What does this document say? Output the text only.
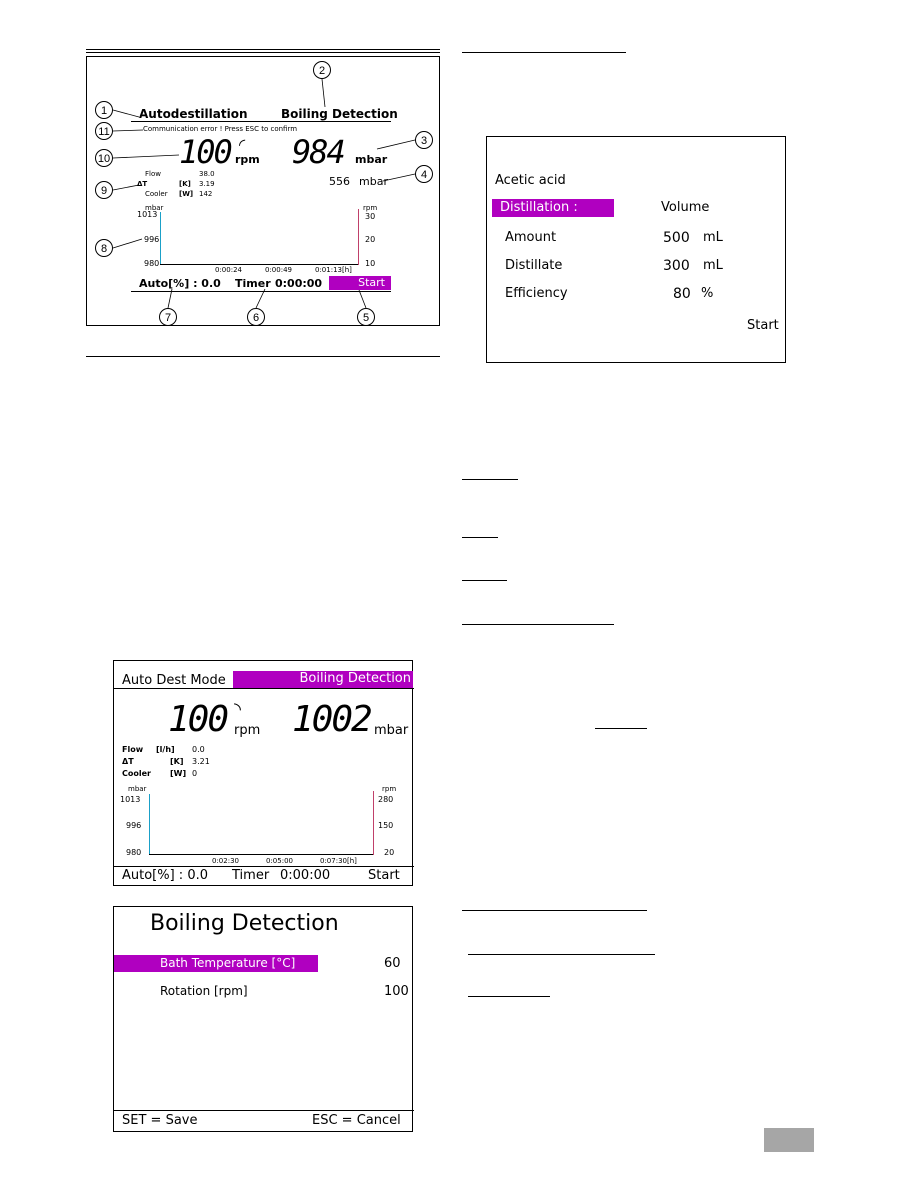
Autodestillation	Boiling Detection
Communication error ! Press ESC to confirm
100 ◜
rpm 984 mbar
556 mbar
Flow	38.0
ΔT	[K] 3.19
Cooler [W] 142
mbar
1013
996
980
rpm
30
20
10
0:00:24	0:00:49	0:01:13[h]
Auto[%] : 0.0 Timer 0:00:00	Start
1
2
3
4
5
6
7
8
9
10
11
Auto Dest Mode	Boiling Detection
100 ◝
rpm 1002 mbar
Flow [l/h] 0.0
ΔT	[K] 3.21
Cooler [W] 0
mbar
1013
996
980
rpm
280
150
20
0:02:30	0:05:00	0:07:30[h]
Auto[%] : 0.0 Timer 0:00:00	Start
Boiling Detection
Bath Temperature [°C]	60
Rotation [rpm]	100
SET = Save	ESC = Cancel
Acetic acid
Distillation :	Volume
Amount	500 mL
Distillate	300 mL
Efficiency	80 %
Start
